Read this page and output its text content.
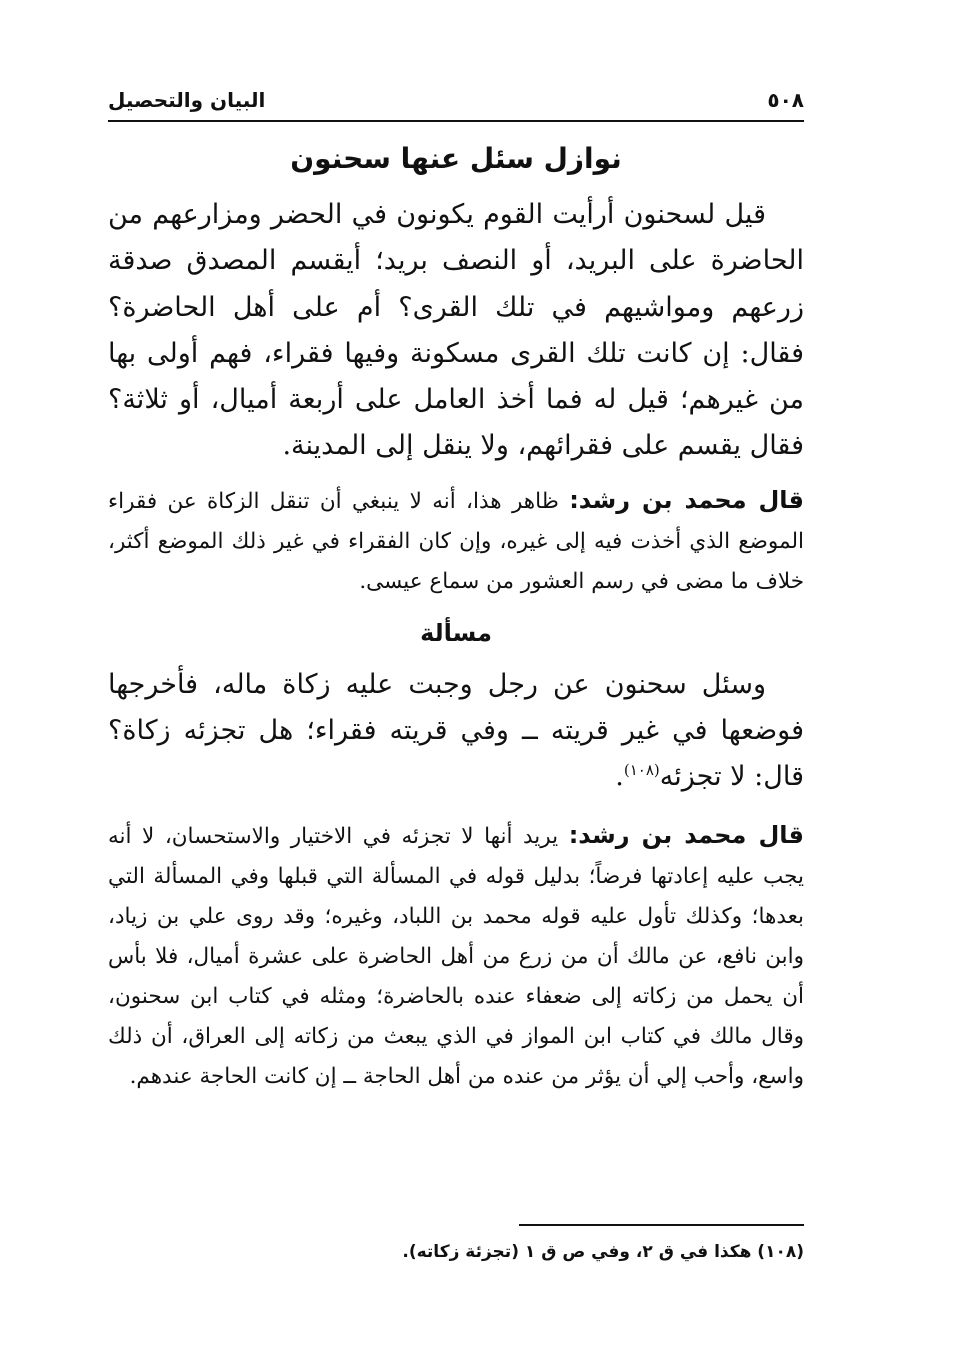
٥٠٨
البيان والتحصيل
نوازل سئل عنها سحنون

قيل لسحنون أرأيت القوم يكونون في الحضر ومزارعهم من الحاضرة على البريد، أو النصف بريد؛ أيقسم المصدق صدقة زرعهم ومواشيهم في تلك القرى؟ أم على أهل الحاضرة؟ فقال: إن كانت تلك القرى مسكونة وفيها فقراء، فهم أولى بها من غيرهم؛ قيل له فما أخذ العامل على أربعة أميال، أو ثلاثة؟ فقال يقسم على فقرائهم، ولا ينقل إلى المدينة.

قال محمد بن رشد: ظاهر هذا، أنه لا ينبغي أن تنقل الزكاة عن فقراء الموضع الذي أخذت فيه إلى غيره، وإن كان الفقراء في غير ذلك الموضع أكثر، خلاف ما مضى في رسم العشور من سماع عيسى.

مسألة

وسئل سحنون عن رجل وجبت عليه زكاة ماله، فأخرجها فوضعها في غير قريته ــ وفي قريته فقراء؛ هل تجزئه زكاة؟ قال: لا تجزئه$^{(١٠٨)}$.

قال محمد بن رشد: يريد أنها لا تجزئه في الاختيار والاستحسان، لا أنه يجب عليه إعادتها فرضاً؛ بدليل قوله في المسألة التي قبلها وفي المسألة التي بعدها؛ وكذلك تأول عليه قوله محمد بن اللباد، وغيره؛ وقد روى علي بن زياد، وابن نافع، عن مالك أن من زرع من أهل الحاضرة على عشرة أميال، فلا بأس أن يحمل من زكاته إلى ضعفاء عنده بالحاضرة؛ ومثله في كتاب ابن سحنون، وقال مالك في كتاب ابن المواز في الذي يبعث من زكاته إلى العراق، أن ذلك واسع، وأحب إلي أن يؤثر من عنده من أهل الحاجة ــ إن كانت الحاجة عندهم.

(١٠٨) هكذا في ق ٢، وفي ص ق ١ (تجزئة زكاته).
